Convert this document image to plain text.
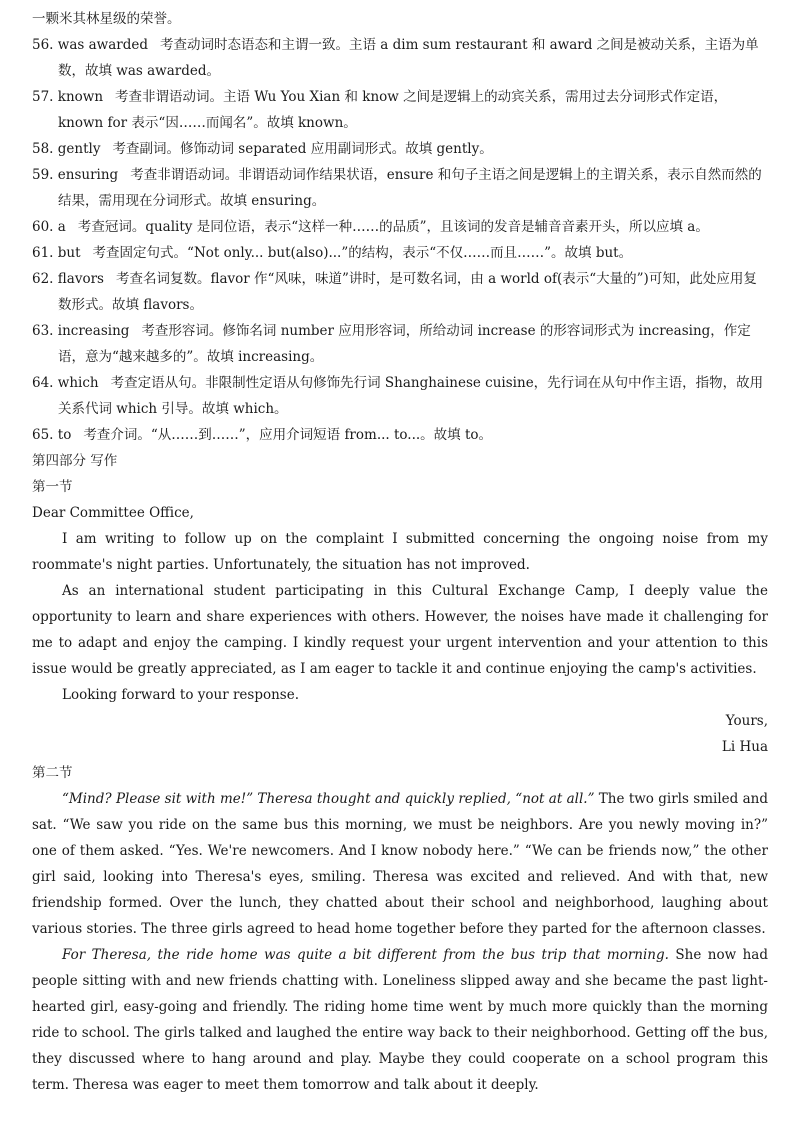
一颗米其林星级的荣誉。

56. was awarded 考查动词时态语态和主谓一致。主语 a dim sum restaurant 和 award 之间是被动关系，主语为单数，故填 was awarded。

57. known 考查非谓语动词。主语 Wu You Xian 和 know 之间是逻辑上的动宾关系，需用过去分词形式作定语，known for 表示“因……而闻名”。故填 known。

58. gently 考查副词。修饰动词 separated 应用副词形式。故填 gently。

59. ensuring 考查非谓语动词。非谓语动词作结果状语，ensure 和句子主语之间是逻辑上的主谓关系，表示自然而然的结果，需用现在分词形式。故填 ensuring。

60. a 考查冠词。quality 是同位语，表示“这样一种……的品质”，且该词的发音是辅音音素开头，所以应填 a。

61. but 考查固定句式。“Not only... but(also)...”的结构，表示“不仅……而且……”。故填 but。

62. flavors 考查名词复数。flavor 作“风味，味道”讲时，是可数名词，由 a world of(表示“大量的”)可知，此处应用复数形式。故填 flavors。

63. increasing 考查形容词。修饰名词 number 应用形容词，所给动词 increase 的形容词形式为 increasing，作定语，意为“越来越多的”。故填 increasing。

64. which 考查定语从句。非限制性定语从句修饰先行词 Shanghainese cuisine，先行词在从句中作主语，指物，故用关系代词 which 引导。故填 which。

65. to 考查介词。“从……到……”，应用介词短语 from... to...。故填 to。

第四部分 写作

第一节

Dear Committee Office,

I am writing to follow up on the complaint I submitted concerning the ongoing noise from my roommate's night parties. Unfortunately, the situation has not improved.

As an international student participating in this Cultural Exchange Camp, I deeply value the opportunity to learn and share experiences with others. However, the noises have made it challenging for me to adapt and enjoy the camping. I kindly request your urgent intervention and your attention to this issue would be greatly appreciated, as I am eager to tackle it and continue enjoying the camp's activities.

Looking forward to your response.

Yours,

Li Hua

第二节

“Mind? Please sit with me!” Theresa thought and quickly replied, “not at all.” The two girls smiled and sat. “We saw you ride on the same bus this morning, we must be neighbors. Are you newly moving in?” one of them asked. “Yes. We're newcomers. And I know nobody here.” “We can be friends now,” the other girl said, looking into Theresa's eyes, smiling. Theresa was excited and relieved. And with that, new friendship formed. Over the lunch, they chatted about their school and neighborhood, laughing about various stories. The three girls agreed to head home together before they parted for the afternoon classes.

For Theresa, the ride home was quite a bit different from the bus trip that morning. She now had people sitting with and new friends chatting with. Loneliness slipped away and she became the past light-hearted girl, easy-going and friendly. The riding home time went by much more quickly than the morning ride to school. The girls talked and laughed the entire way back to their neighborhood. Getting off the bus, they discussed where to hang around and play. Maybe they could cooperate on a school program this term. Theresa was eager to meet them tomorrow and talk about it deeply.
